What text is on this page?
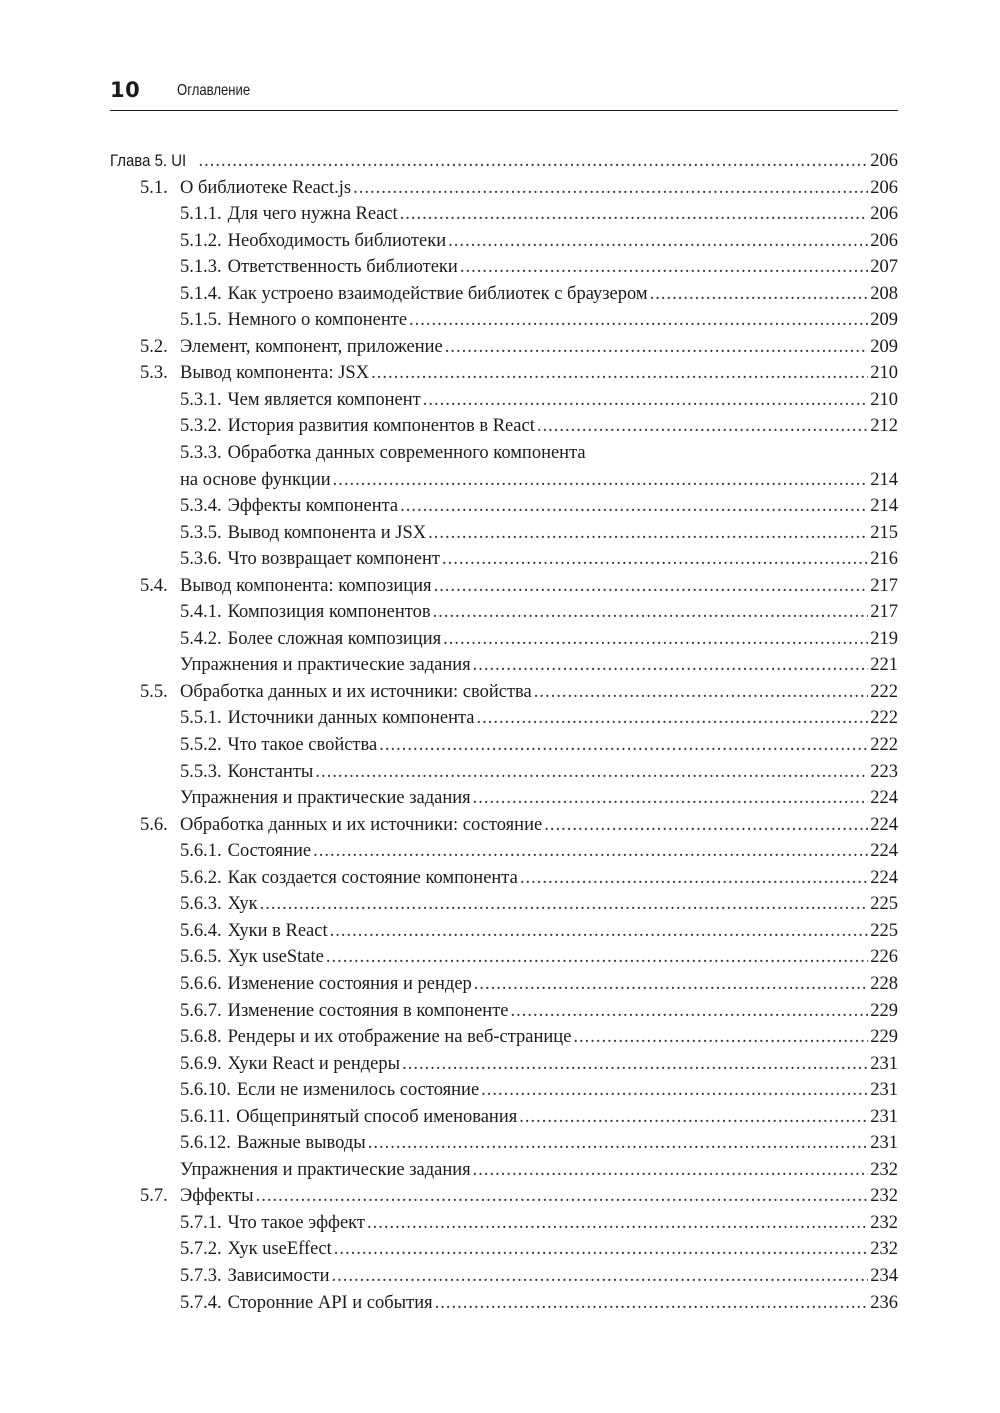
10 Оглавление
Глава 5. UI .....	206
5.1. О библиотеке React.js .....	206
5.1.1. Для чего нужна React .....	206
5.1.2. Необходимость библиотеки .....	206
5.1.3. Ответственность библиотеки .....	207
5.1.4. Как устроено взаимодействие библиотек с браузером .....	208
5.1.5. Немного о компоненте .....	209
5.2. Элемент, компонент, приложение .....	209
5.3. Вывод компонента: JSX .....	210
5.3.1. Чем является компонент .....	210
5.3.2. История развития компонентов в React .....	212
5.3.3. Обработка данных современного компонента
на основе функции .....	214
5.3.4. Эффекты компонента .....	214
5.3.5. Вывод компонента и JSX .....	215
5.3.6. Что возвращает компонент .....	216
5.4. Вывод компонента: композиция .....	217
5.4.1. Композиция компонентов .....	217
5.4.2. Более сложная композиция .....	219
Упражнения и практические задания .....	221
5.5. Обработка данных и их источники: свойства .....	222
5.5.1. Источники данных компонента .....	222
5.5.2. Что такое свойства .....	222
5.5.3. Константы .....	223
Упражнения и практические задания .....	224
5.6. Обработка данных и их источники: состояние .....	224
5.6.1. Состояние .....	224
5.6.2. Как создается состояние компонента .....	224
5.6.3. Хук .....	225
5.6.4. Хуки в React .....	225
5.6.5. Хук useState .....	226
5.6.6. Изменение состояния и рендер .....	228
5.6.7. Изменение состояния в компоненте .....	229
5.6.8. Рендеры и их отображение на веб-странице .....	229
5.6.9. Хуки React и рендеры .....	231
5.6.10. Если не изменилось состояние .....	231
5.6.11. Общепринятый способ именования .....	231
5.6.12. Важные выводы .....	231
Упражнения и практические задания .....	232
5.7. Эффекты .....	232
5.7.1. Что такое эффект .....	232
5.7.2. Хук useEffect .....	232
5.7.3. Зависимости .....	234
5.7.4. Сторонние API и события .....	236
